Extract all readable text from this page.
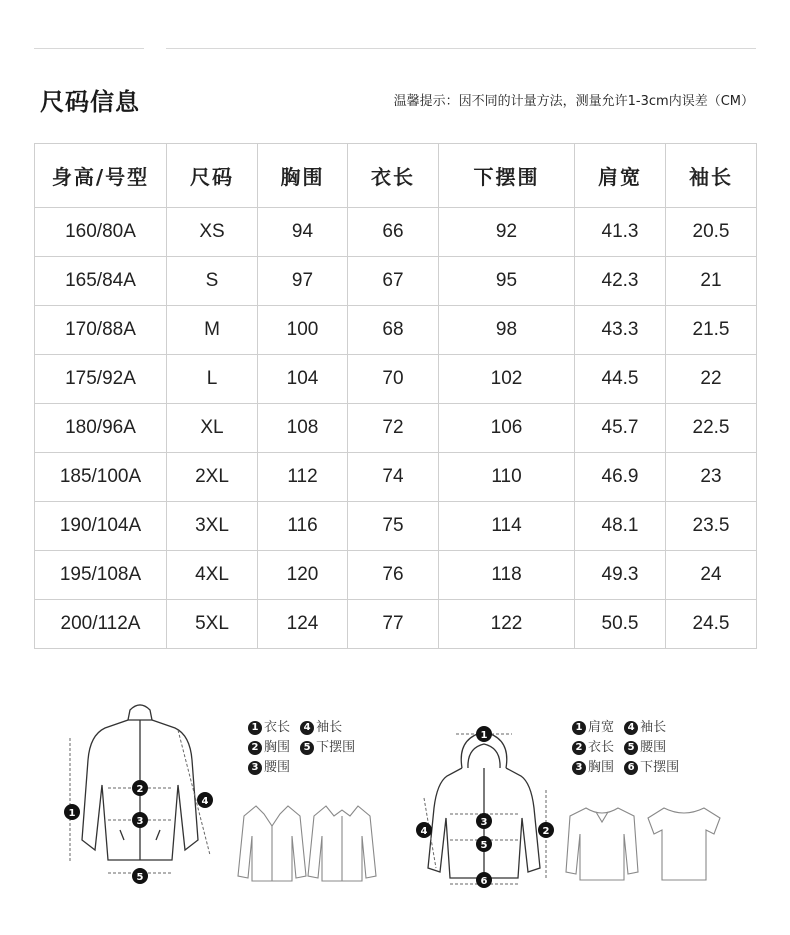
尺码信息	温馨提示：因不同的计量方法，测量允许1-3cm内误差（CM）
身高/号型	尺码	胸围	衣长	下摆围	肩宽	袖长
160/80A	XS	94	66	92	41.3	20.5
165/84A	S	97	67	95	42.3	21
170/88A	M	100	68	98	43.3	21.5
175/92A	L	104	70	102	44.5	22
180/96A	XL	108	72	106	45.7	22.5
185/100A	2XL	112	74	110	46.9	23
190/104A	3XL	116	75	114	48.1	23.5
195/108A	4XL	120	76	118	49.3	24
200/112A	5XL	124	77	122	50.5	24.5
1
2
3
4
5
1 衣长 4 袖长
2 胸围 5 下摆围
3 腰围
1
2
3
4
5
6
1 肩宽 4 袖长
2 衣长 5 腰围
3 胸围 6 下摆围
